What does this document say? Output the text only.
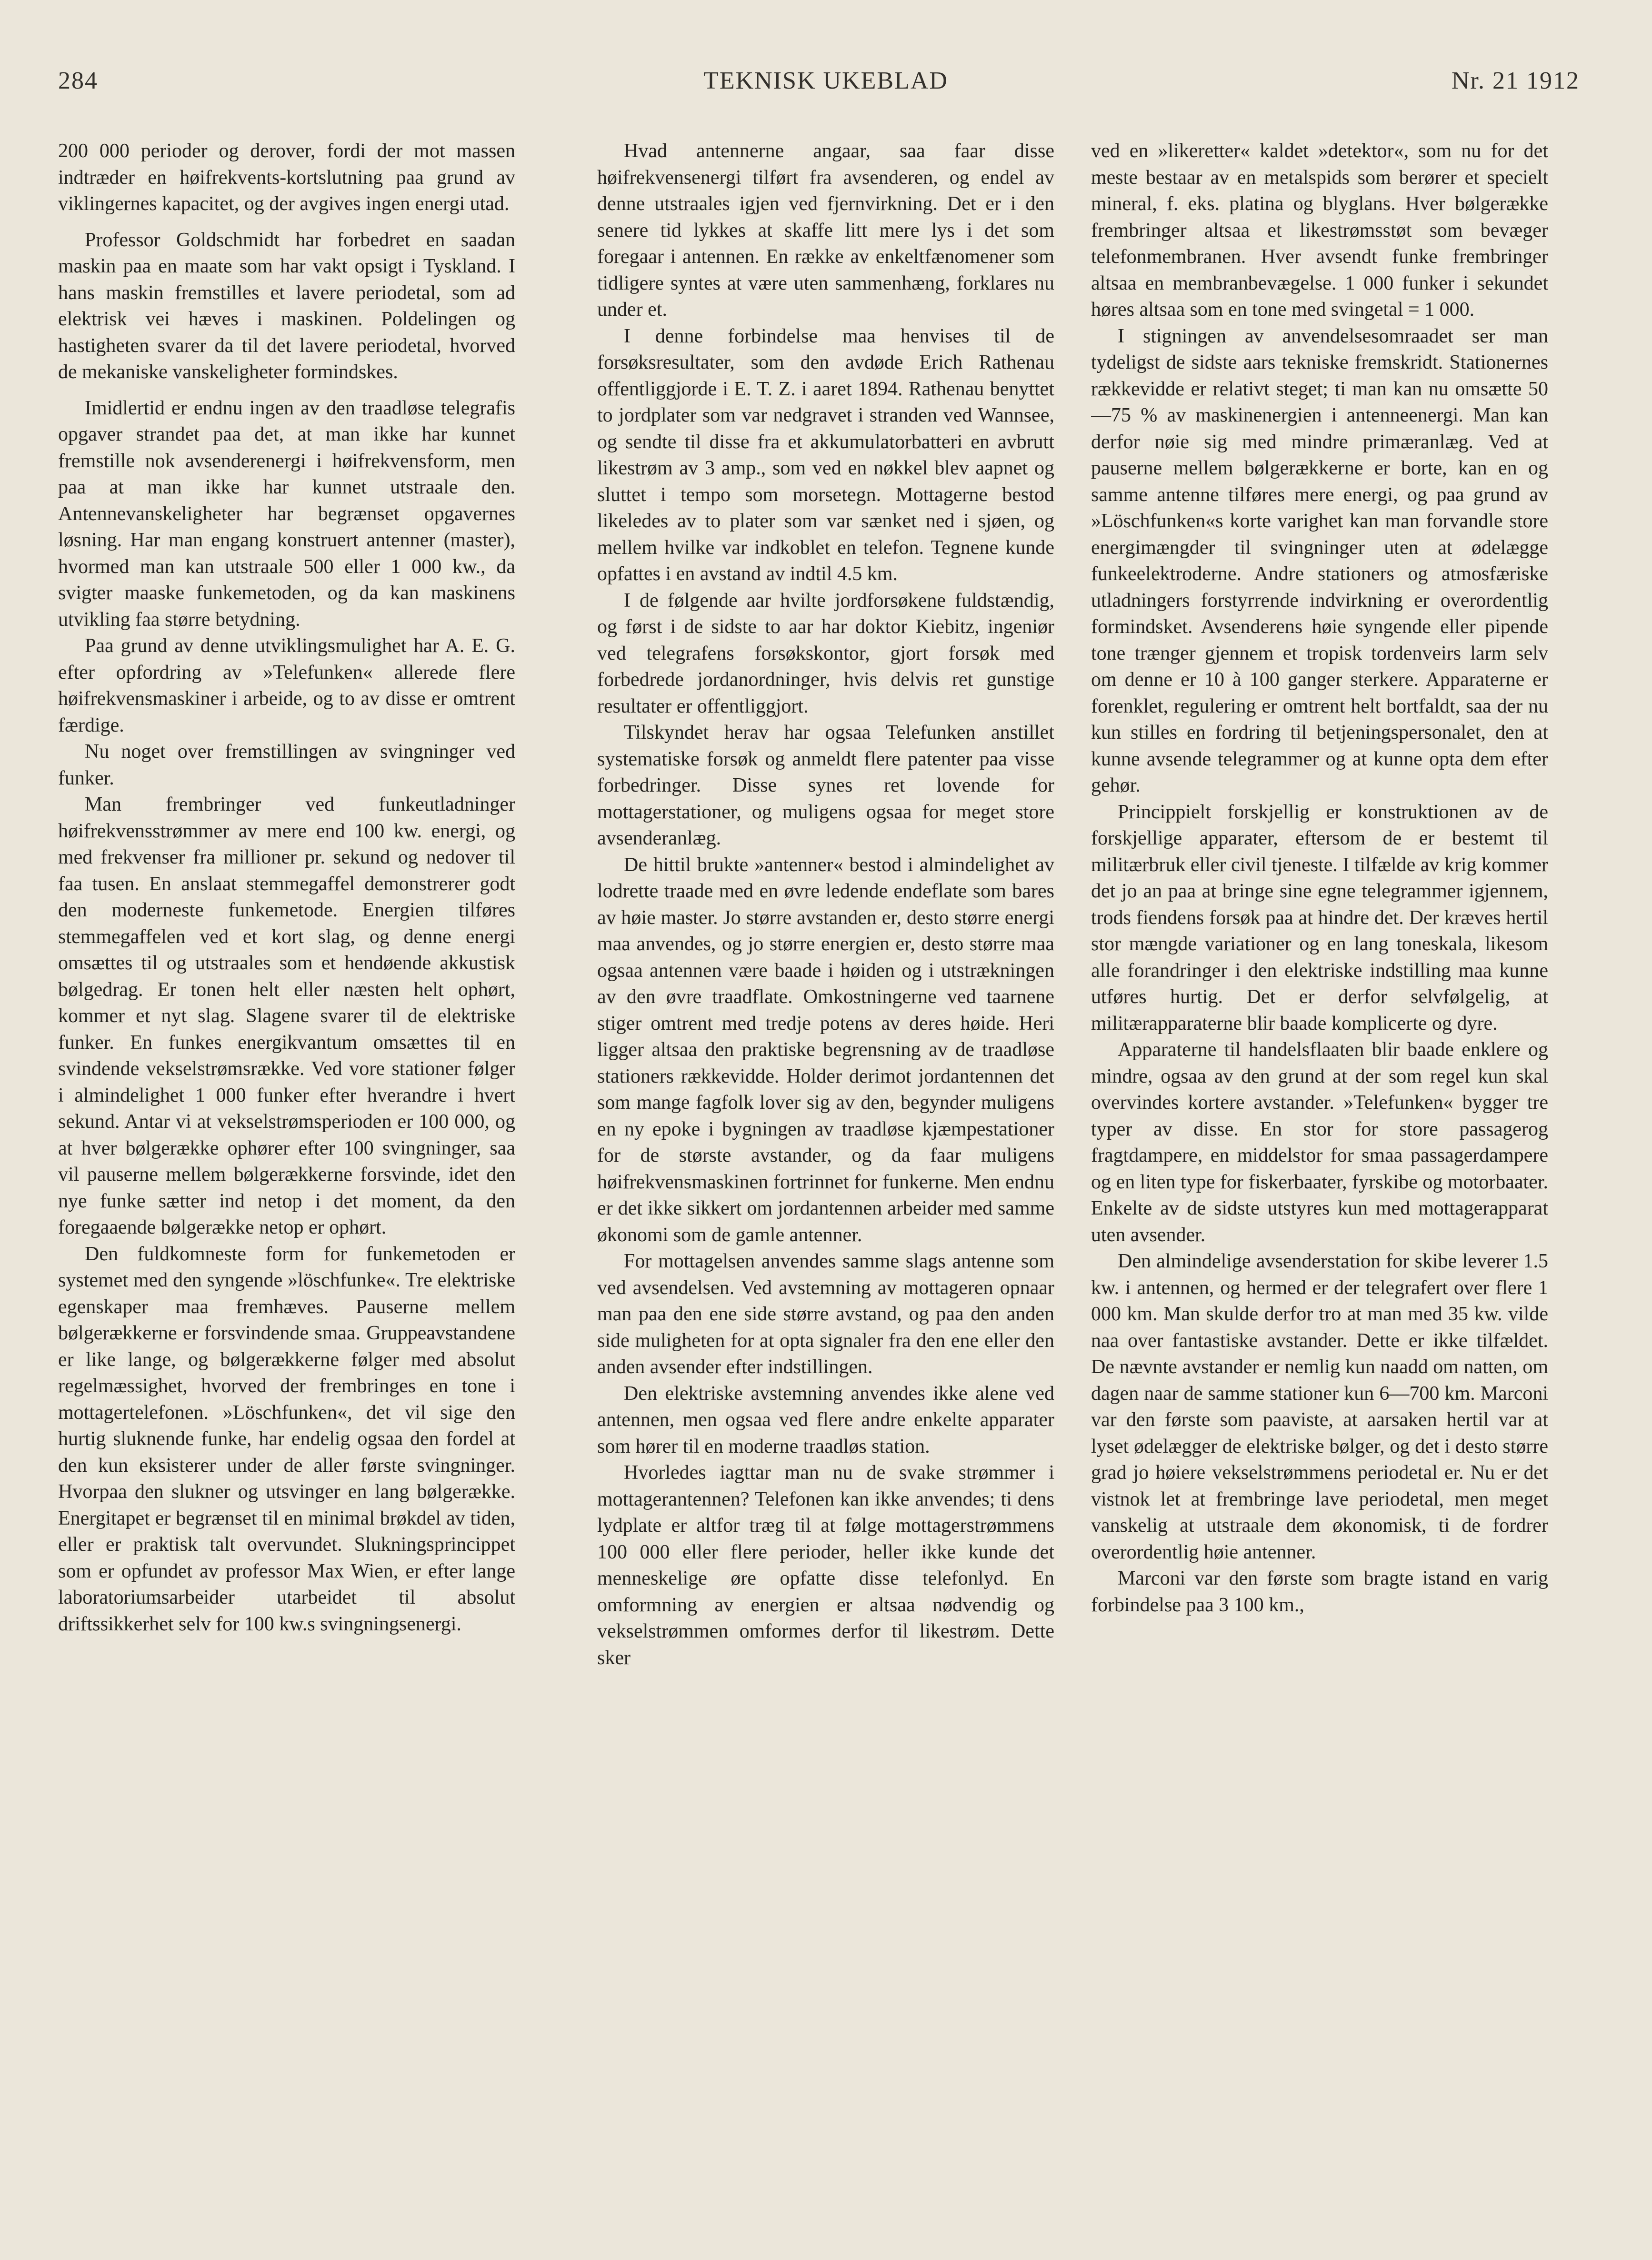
284	TEKNISK UKEBLAD	Nr. 21 1912

200 000 perioder og derover, fordi der mot massen indtræder en høifrekvents-kortslutning paa grund av viklingernes kapacitet, og der avgives ingen energi utad.

Professor Goldschmidt har forbedret en saadan maskin paa en maate som har vakt opsigt i Tyskland. I hans maskin fremstilles et lavere periodetal, som ad elektrisk vei hæves i maskinen. Poldelingen og hastigheten svarer da til det lavere periodetal, hvorved de mekaniske vanskeligheter formindskes.

Imidlertid er endnu ingen av den traadløse telegrafis opgaver strandet paa det, at man ikke har kunnet fremstille nok avsenderenergi i høifrekvensform, men paa at man ikke har kunnet utstraale den. Antennevanskeligheter har begrænset opgavernes løsning. Har man engang konstruert antenner (master), hvormed man kan utstraale 500 eller 1 000 kw., da svigter maaske funkemetoden, og da kan maskinens utvikling faa større betydning.

Paa grund av denne utviklingsmulighet har A. E. G. efter opfordring av »Telefunken« allerede flere høifrekvensmaskiner i arbeide, og to av disse er omtrent færdige.

Nu noget over fremstillingen av svingninger ved funker.

Man frembringer ved funkeutladninger høifrekvensstrømmer av mere end 100 kw. energi, og med frekvenser fra millioner pr. sekund og nedover til faa tusen. En anslaat stemmegaffel demonstrerer godt den moderneste funkemetode. Energien tilføres stemmegaffelen ved et kort slag, og denne energi omsættes til og utstraales som et hendøende akkustisk bølgedrag. Er tonen helt eller næsten helt ophørt, kommer et nyt slag. Slagene svarer til de elektriske funker. En funkes energikvantum omsættes til en svindende vekselstrømsrække. Ved vore stationer følger i almindelighet 1 000 funker efter hverandre i hvert sekund. Antar vi at vekselstrømsperioden er 100 000, og at hver bølgerække ophører efter 100 svingninger, saa vil pauserne mellem bølgerækkerne forsvinde, idet den nye funke sætter ind netop i det moment, da den foregaaende bølgerække netop er ophørt.

Den fuldkomneste form for funkemetoden er systemet med den syngende »löschfunke«. Tre elektriske egenskaper maa fremhæves. Pauserne mellem bølgerækkerne er forsvindende smaa. Gruppeavstandene er like lange, og bølgerækkerne følger med absolut regelmæssighet, hvorved der frembringes en tone i mottagertelefonen. »Löschfunken«, det vil sige den hurtig sluknende funke, har endelig ogsaa den fordel at den kun eksisterer under de aller første svingninger. Hvorpaa den slukner og utsvinger en lang bølgerække. Energitapet er begrænset til en minimal brøkdel av tiden, eller er praktisk talt overvundet. Slukningsprincippet som er opfundet av professor Max Wien, er efter lange laboratoriumsarbeider utarbeidet til absolut driftssikkerhet selv for 100 kw.s svingningsenergi.

Hvad antennerne angaar, saa faar disse høifrekvensenergi tilført fra avsenderen, og endel av denne utstraales igjen ved fjernvirkning. Det er i den senere tid lykkes at skaffe litt mere lys i det som foregaar i antennen. En række av enkeltfænomener som tidligere syntes at være uten sammenhæng, forklares nu under et.

I denne forbindelse maa henvises til de forsøksresultater, som den avdøde Erich Rathenau offentliggjorde i E. T. Z. i aaret 1894. Rathenau benyttet to jordplater som var nedgravet i stranden ved Wannsee, og sendte til disse fra et akkumulatorbatteri en avbrutt likestrøm av 3 amp., som ved en nøkkel blev aapnet og sluttet i tempo som morsetegn. Mottagerne bestod likeledes av to plater som var sænket ned i sjøen, og mellem hvilke var indkoblet en telefon. Tegnene kunde opfattes i en avstand av indtil 4.5 km.

I de følgende aar hvilte jordforsøkene fuldstændig, og først i de sidste to aar har doktor Kiebitz, ingeniør ved telegrafens forsøkskontor, gjort forsøk med forbedrede jordanordninger, hvis delvis ret gunstige resultater er offentliggjort.

Tilskyndet herav har ogsaa Telefunken anstillet systematiske forsøk og anmeldt flere patenter paa visse forbedringer. Disse synes ret lovende for mottagerstationer, og muligens ogsaa for meget store avsenderanlæg.

De hittil brukte »antenner« bestod i almindelighet av lodrette traade med en øvre ledende endeflate som bares av høie master. Jo større avstanden er, desto større energi maa anvendes, og jo større energien er, desto større maa ogsaa antennen være baade i høiden og i utstrækningen av den øvre traadflate. Omkostningerne ved taarnene stiger omtrent med tredje potens av deres høide. Heri ligger altsaa den praktiske begrensning av de traadløse stationers rækkevidde. Holder derimot jordantennen det som mange fagfolk lover sig av den, begynder muligens en ny epoke i bygningen av traadløse kjæmpestationer for de største avstander, og da faar muligens høifrekvensmaskinen fortrinnet for funkerne. Men endnu er det ikke sikkert om jordantennen arbeider med samme økonomi som de gamle antenner.

For mottagelsen anvendes samme slags antenne som ved avsendelsen. Ved avstemning av mottageren opnaar man paa den ene side større avstand, og paa den anden side muligheten for at opta signaler fra den ene eller den anden avsender efter indstillingen.

Den elektriske avstemning anvendes ikke alene ved antennen, men ogsaa ved flere andre enkelte apparater som hører til en moderne traadløs station.

Hvorledes iagttar man nu de svake strømmer i mottagerantennen? Telefonen kan ikke anvendes; ti dens lydplate er altfor træg til at følge mottagerstrømmens 100 000 eller flere perioder, heller ikke kunde det menneskelige øre opfatte disse telefonlyd. En omformning av energien er altsaa nødvendig og vekselstrømmen omformes derfor til likestrøm. Dette sker

ved en »likeretter« kaldet »detektor«, som nu for det meste bestaar av en metalspids som berører et specielt mineral, f. eks. platina og blyglans. Hver bølgerække frembringer altsaa et likestrømsstøt som bevæger telefonmembranen. Hver avsendt funke frembringer altsaa en membranbevægelse. 1 000 funker i sekundet høres altsaa som en tone med svingetal = 1 000.

I stigningen av anvendelsesomraadet ser man tydeligst de sidste aars tekniske fremskridt. Stationernes rækkevidde er relativt steget; ti man kan nu omsætte 50—75 % av maskinenergien i antenneenergi. Man kan derfor nøie sig med mindre primæranlæg. Ved at pauserne mellem bølgerækkerne er borte, kan en og samme antenne tilføres mere energi, og paa grund av »Löschfunken«s korte varighet kan man forvandle store energimængder til svingninger uten at ødelægge funkeelektroderne. Andre stationers og atmosfæriske utladningers forstyrrende indvirkning er overordentlig formindsket. Avsenderens høie syngende eller pipende tone trænger gjennem et tropisk tordenveirs larm selv om denne er 10 à 100 ganger sterkere. Apparaterne er forenklet, regulering er omtrent helt bortfaldt, saa der nu kun stilles en fordring til betjeningspersonalet, den at kunne avsende telegrammer og at kunne opta dem efter gehør.

Princippielt forskjellig er konstruktionen av de forskjellige apparater, eftersom de er bestemt til militærbruk eller civil tjeneste. I tilfælde av krig kommer det jo an paa at bringe sine egne telegrammer igjennem, trods fiendens forsøk paa at hindre det. Der kræves hertil stor mængde variationer og en lang toneskala, likesom alle forandringer i den elektriske indstilling maa kunne utføres hurtig. Det er derfor selvfølgelig, at militærapparaterne blir baade komplicerte og dyre.

Apparaterne til handelsflaaten blir baade enklere og mindre, ogsaa av den grund at der som regel kun skal overvindes kortere avstander. »Telefunken« bygger tre typer av disse. En stor for store passagerog fragtdampere, en middelstor for smaa passagerdampere og en liten type for fiskerbaater, fyrskibe og motorbaater. Enkelte av de sidste utstyres kun med mottagerapparat uten avsender.

Den almindelige avsenderstation for skibe leverer 1.5 kw. i antennen, og hermed er der telegrafert over flere 1 000 km. Man skulde derfor tro at man med 35 kw. vilde naa over fantastiske avstander. Dette er ikke tilfældet. De nævnte avstander er nemlig kun naadd om natten, om dagen naar de samme stationer kun 6—700 km. Marconi var den første som paaviste, at aarsaken hertil var at lyset ødelægger de elektriske bølger, og det i desto større grad jo høiere vekselstrømmens periodetal er. Nu er det vistnok let at frembringe lave periodetal, men meget vanskelig at utstraale dem økonomisk, ti de fordrer overordentlig høie antenner.

Marconi var den første som bragte istand en varig forbindelse paa 3 100 km.,
